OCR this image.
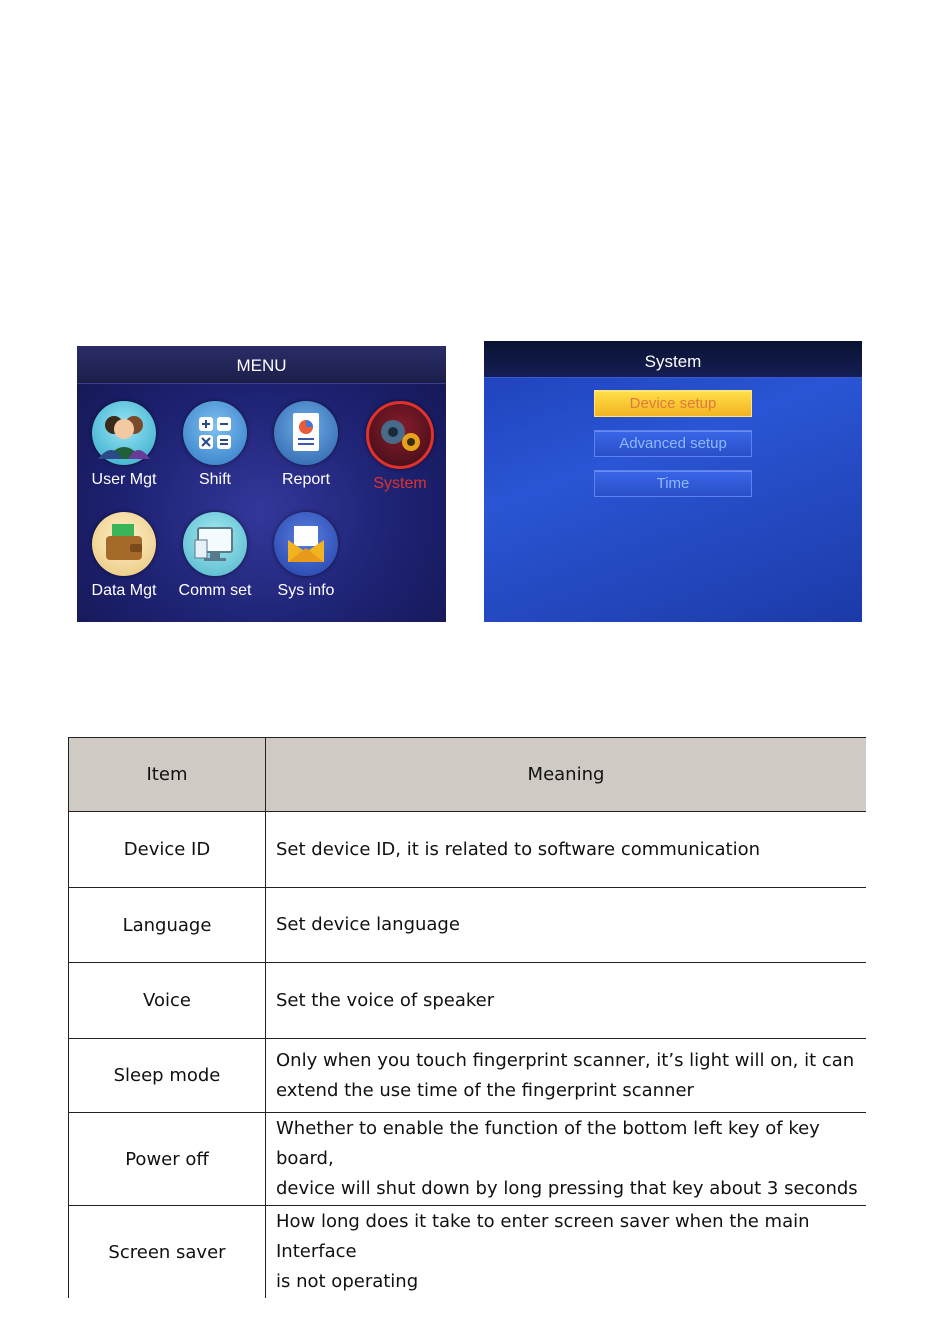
MENU
User Mgt	Shift	Report	System
Data Mgt	Comm set	Sys info
System
Device setup
Advanced setup
Time
Item	Meaning
Device ID	Set device ID, it is related to software communication
Language	Set device language
Voice	Set the voice of speaker
Sleep mode	Only when you touch fingerprint scanner, it’s light will on, it can
extend the use time of the fingerprint scanner
Power off	Whether to enable the function of the bottom left key of key board,
device will shut down by long pressing that key about 3 seconds
Screen saver	How long does it take to enter screen saver when the main Interface
is not operating
